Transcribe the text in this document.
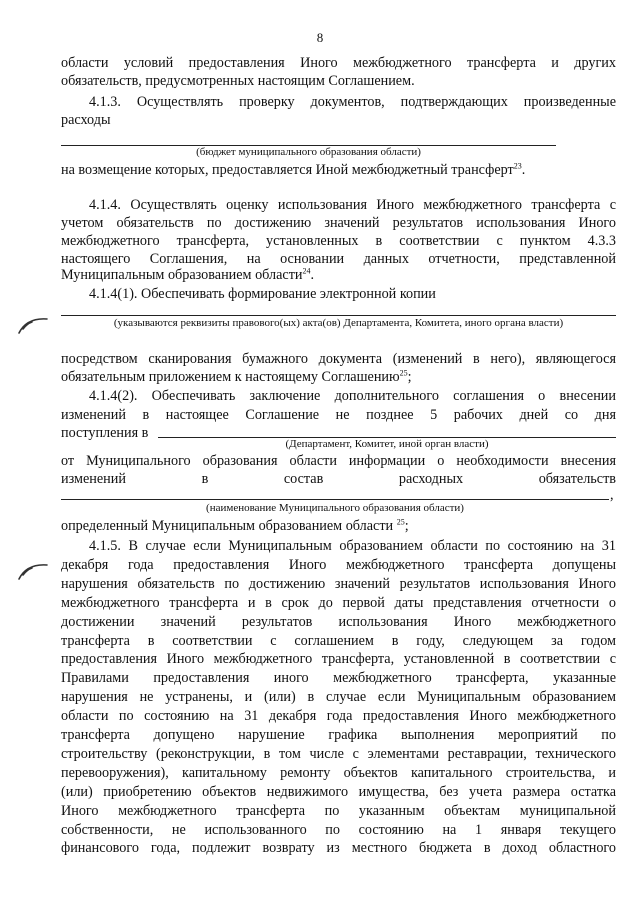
8
области условий предоставления Иного межбюджетного трансферта и других
обязательств, предусмотренных настоящим Соглашением.
4.1.3. Осуществлять проверку документов, подтверждающих произведенные
расходы
(бюджет муниципального образования области)
на возмещение которых, предоставляется Иной межбюджетный трансферт$^{23}$.
4.1.4. Осуществлять оценку использования Иного межбюджетного трансферта с
учетом обязательств по достижению значений результатов использования Иного
межбюджетного трансферта, установленных в соответствии с пунктом 4.3.3
настоящего Соглашения, на основании данных отчетности, представленной
Муниципальным образованием области$^{24}$.
4.1.4(1). Обеспечивать формирование электронной копии
(указываются реквизиты правового(ых) акта(ов) Департамента, Комитета, иного органа власти)
посредством сканирования бумажного документа (изменений в него), являющегося
обязательным приложением к настоящему Соглашению$^{25}$;
4.1.4(2). Обеспечивать заключение дополнительного соглашения о внесении
изменений в настоящее Соглашение не позднее 5 рабочих дней со дня
поступления в
(Департамент, Комитет, иной орган власти)
от Муниципального образования области информации о необходимости внесения
изменений	в	состав	расходных	обязательств
,
(наименование Муниципального образования области)
определенный Муниципальным образованием области $^{25}$;
4.1.5. В случае если Муниципальным образованием области по состоянию на 31
декабря года предоставления Иного межбюджетного трансферта допущены
нарушения обязательств по достижению значений результатов использования Иного
межбюджетного трансферта и в срок до первой даты представления отчетности о
достижении значений результатов использования Иного межбюджетного
трансферта в соответствии с соглашением в году, следующем за годом
предоставления Иного межбюджетного трансферта, установленной в соответствии с
Правилами предоставления иного межбюджетного трансферта, указанные
нарушения не устранены, и (или) в случае если Муниципальным образованием
области по состоянию на 31 декабря года предоставления Иного межбюджетного
трансферта допущено нарушение графика выполнения мероприятий по
строительству (реконструкции, в том числе с элементами реставрации, технического
перевооружения), капитальному ремонту объектов капитального строительства, и
(или) приобретению объектов недвижимого имущества, без учета размера остатка
Иного межбюджетного трансферта по указанным объектам муниципальной
собственности, не использованного по состоянию на 1 января текущего
финансового года, подлежит возврату из местного бюджета в доход областного
